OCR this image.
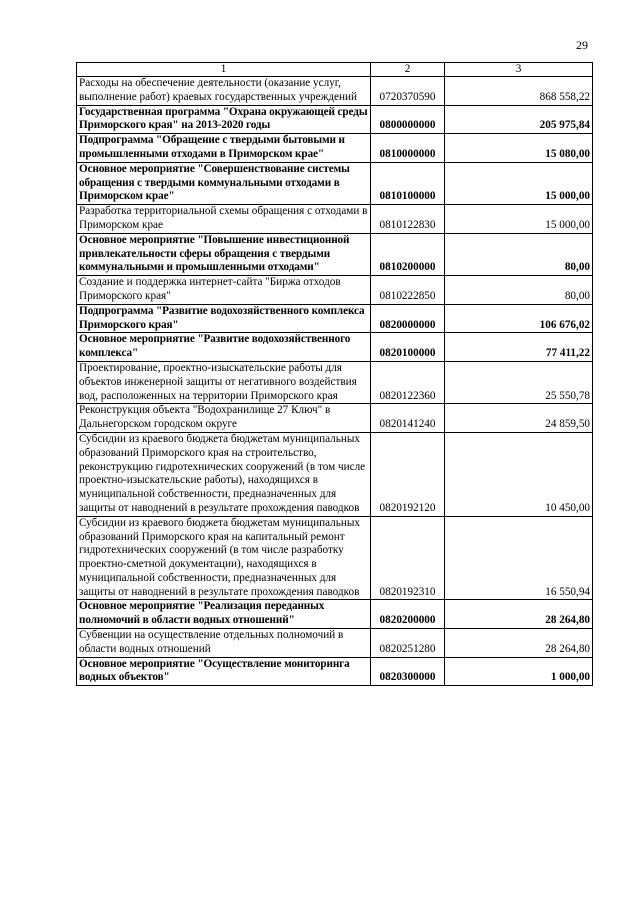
29
1	2	3
Расходы на обеспечение деятельности (оказание услуг, выполнение работ) краевых государственных учреждений	0720370590	868 558,22
Государственная программа "Охрана окружающей среды Приморского края" на 2013-2020 годы	0800000000	205 975,84
Подпрограмма "Обращение с твердыми бытовыми и промышленными отходами в Приморском крае"	0810000000	15 080,00
Основное мероприятие "Совершенствование системы обращения с твердыми коммунальными отходами в Приморском крае"	0810100000	15 000,00
Разработка территориальной схемы обращения с отходами в Приморском крае	0810122830	15 000,00
Основное мероприятие "Повышение инвестиционной привлекательности сферы обращения с твердыми коммунальными и промышленными отходами"	0810200000	80,00
Создание и поддержка интернет-сайта "Биржа отходов Приморского края"	0810222850	80,00
Подпрограмма "Развитие водохозяйственного комплекса Приморского края"	0820000000	106 676,02
Основное мероприятие "Развитие водохозяйственного комплекса"	0820100000	77 411,22
Проектирование, проектно-изыскательские работы для объектов инженерной защиты от негативного воздействия вод, расположенных на территории Приморского края	0820122360	25 550,78
Реконструкция объекта "Водохранилище 27 Ключ" в Дальнегорском городском округе	0820141240	24 859,50
Субсидии из краевого бюджета бюджетам муниципальных образований Приморского края на строительство, реконструкцию гидротехнических сооружений (в том числе проектно-изыскательские работы), находящихся в муниципальной собственности, предназначенных для защиты от наводнений в результате прохождения паводков	0820192120	10 450,00
Субсидии из краевого бюджета бюджетам муниципальных образований Приморского края на капитальный ремонт гидротехнических сооружений (в том числе разработку проектно-сметной документации), находящихся в муниципальной собственности, предназначенных для защиты от наводнений в результате прохождения паводков	0820192310	16 550,94
Основное мероприятие "Реализация переданных полномочий в области водных отношений"	0820200000	28 264,80
Субвенции на осуществление отдельных полномочий в области водных отношений	0820251280	28 264,80
Основное мероприятие "Осуществление мониторинга водных объектов"	0820300000	1 000,00
